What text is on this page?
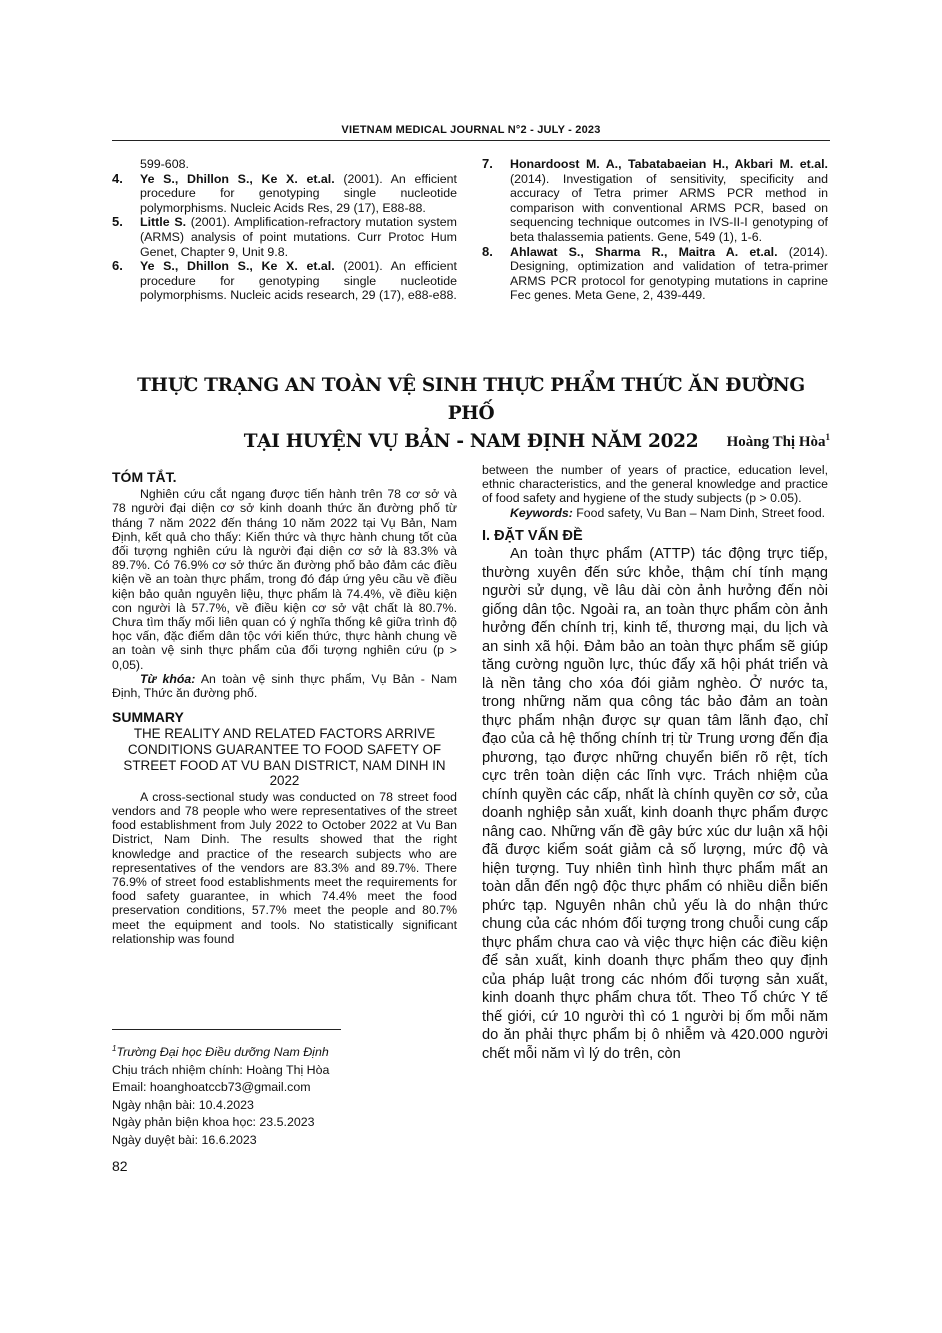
VIETNAM MEDICAL JOURNAL N°2 - JULY - 2023
599-608.
4. Ye S., Dhillon S., Ke X. et.al. (2001). An efficient procedure for genotyping single nucleotide polymorphisms. Nucleic Acids Res, 29 (17), E88-88.
5. Little S. (2001). Amplification-refractory mutation system (ARMS) analysis of point mutations. Curr Protoc Hum Genet, Chapter 9, Unit 9.8.
6. Ye S., Dhillon S., Ke X. et.al. (2001). An efficient procedure for genotyping single nucleotide polymorphisms. Nucleic acids research, 29 (17), e88-e88.
7. Honardoost M. A., Tabatabaeian H., Akbari M. et.al. (2014). Investigation of sensitivity, specificity and accuracy of Tetra primer ARMS PCR method in comparison with conventional ARMS PCR, based on sequencing technique outcomes in IVS-II-I genotyping of beta thalassemia patients. Gene, 549 (1), 1-6.
8. Ahlawat S., Sharma R., Maitra A. et.al. (2014). Designing, optimization and validation of tetra-primer ARMS PCR protocol for genotyping mutations in caprine Fec genes. Meta Gene, 2, 439-449.
THỰC TRẠNG AN TOÀN VỆ SINH THỰC PHẨM THỨC ĂN ĐƯỜNG PHỐ
TẠI HUYỆN VỤ BẢN - NAM ĐỊNH NĂM 2022	Hoàng Thị Hòa$^1$
TÓM TẮT.

Nghiên cứu cắt ngang được tiến hành trên 78 cơ sở và 78 người đại diện cơ sở kinh doanh thức ăn đường phố từ tháng 7 năm 2022 đến tháng 10 năm 2022 tại Vụ Bản, Nam Định, kết quả cho thấy: Kiến thức và thực hành chung tốt của đối tượng nghiên cứu là người đại diện cơ sở là 83.3% và 89.7%. Có 76.9% cơ sở thức ăn đường phố bảo đảm các điều kiện về an toàn thực phẩm, trong đó đáp ứng yêu cầu về điều kiện bảo quản nguyên liệu, thực phẩm là 74.4%, về điều kiện con người là 57.7%, về điều kiện cơ sở vật chất là 80.7%. Chưa tìm thấy mối liên quan có ý nghĩa thống kê giữa trình độ học vấn, đặc điểm dân tộc với kiến thức, thực hành chung về an toàn vệ sinh thực phẩm của đối tượng nghiên cứu (p > 0,05).

Từ khóa: An toàn vệ sinh thực phẩm, Vụ Bản - Nam Định, Thức ăn đường phố.

SUMMARY
THE REALITY AND RELATED FACTORS ARRIVE CONDITIONS GUARANTEE TO FOOD SAFETY OF STREET FOOD AT VU BAN DISTRICT, NAM DINH IN 2022

A cross-sectional study was conducted on 78 street food vendors and 78 people who were representatives of the street food establishment from July 2022 to October 2022 at Vu Ban District, Nam Dinh. The results showed that the right knowledge and practice of the research subjects who are representatives of the vendors are 83.3% and 89.7%. There 76.9% of street food establishments meet the requirements for food safety guarantee, in which 74.4% meet the food preservation conditions, 57.7% meet the people and 80.7% meet the equipment and tools. No statistically significant relationship was found

$^1$Trường Đại học Điều dưỡng Nam Định
Chịu trách nhiệm chính: Hoàng Thị Hòa
Email: hoanghoatccb73@gmail.com
Ngày nhận bài: 10.4.2023
Ngày phản biện khoa học: 23.5.2023
Ngày duyệt bài: 16.6.2023
between the number of years of practice, education level, ethnic characteristics, and the general knowledge and practice of food safety and hygiene of the study subjects (p > 0.05).

Keywords: Food safety, Vu Ban – Nam Dinh, Street food.

I. ĐẶT VẤN ĐỀ

An toàn thực phẩm (ATTP) tác động trực tiếp, thường xuyên đến sức khỏe, thậm chí tính mạng người sử dụng, về lâu dài còn ảnh hưởng đến nòi giống dân tộc. Ngoài ra, an toàn thực phẩm còn ảnh hưởng đến chính trị, kinh tế, thương mại, du lịch và an sinh xã hội. Đảm bảo an toàn thực phẩm sẽ giúp tăng cường nguồn lực, thúc đẩy xã hội phát triển và là nền tảng cho xóa đói giảm nghèo. Ở nước ta, trong những năm qua công tác bảo đảm an toàn thực phẩm nhận được sự quan tâm lãnh đạo, chỉ đạo của cả hệ thống chính trị từ Trung ương đến địa phương, tạo được những chuyển biến rõ rệt, tích cực trên toàn diện các lĩnh vực. Trách nhiệm của chính quyền các cấp, nhất là chính quyền cơ sở, của doanh nghiệp sản xuất, kinh doanh thực phẩm được nâng cao. Những vấn đề gây bức xúc dư luận xã hội đã được kiểm soát giảm cả số lượng, mức độ và hiện tượng. Tuy nhiên tình hình thực phẩm mất an toàn dẫn đến ngộ độc thực phẩm có nhiều diễn biến phức tạp. Nguyên nhân chủ yếu là do nhận thức chung của các nhóm đối tượng trong chuỗi cung cấp thực phẩm chưa cao và việc thực hiện các điều kiện để sản xuất, kinh doanh thực phẩm theo quy định của pháp luật trong các nhóm đối tượng sản xuất, kinh doanh thực phẩm chưa tốt. Theo Tổ chức Y tế thế giới, cứ 10 người thì có 1 người bị ốm mỗi năm do ăn phải thực phẩm bị ô nhiễm và 420.000 người chết mỗi năm vì lý do trên, còn

82
